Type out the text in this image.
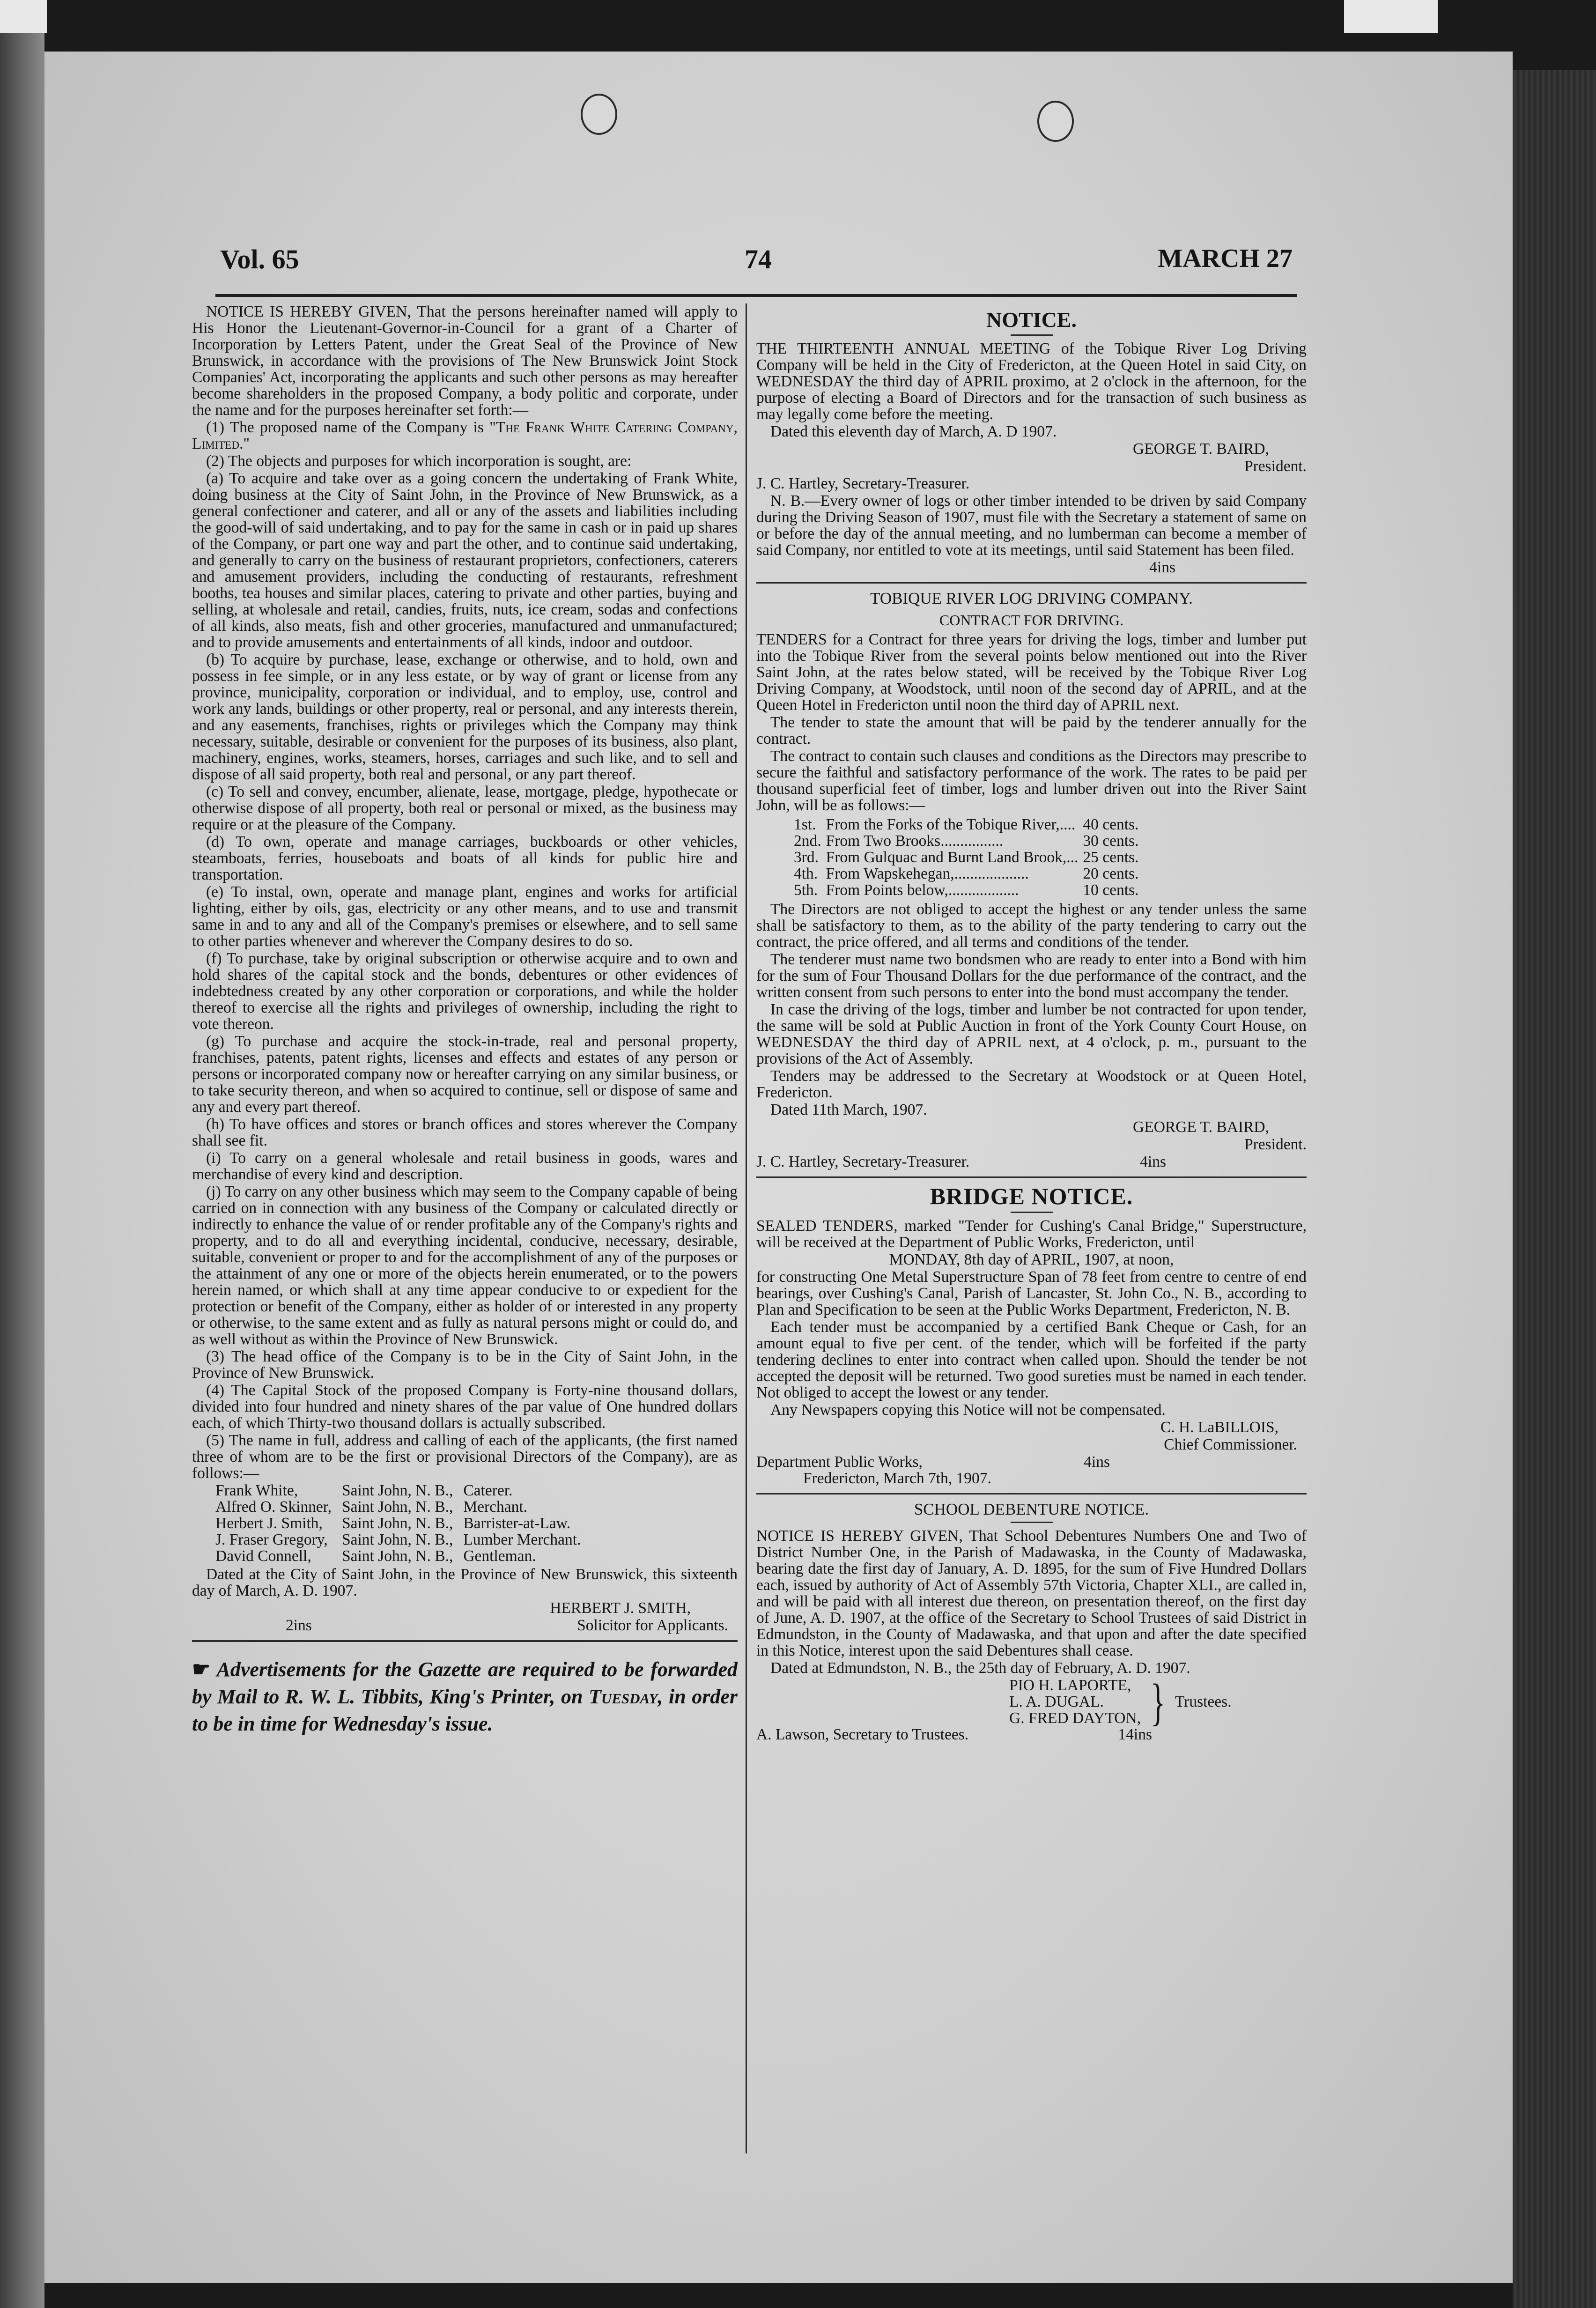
Vol. 65	74	MARCH 27

NOTICE IS HEREBY GIVEN, That the persons hereinafter named will apply to His Honor the Lieutenant-Governor-in-Council for a grant of a Charter of Incorporation by Letters Patent, under the Great Seal of the Province of New Brunswick, in accordance with the provisions of The New Brunswick Joint Stock Companies' Act, incorporating the applicants and such other persons as may hereafter become shareholders in the proposed Company, a body politic and corporate, under the name and for the purposes hereinafter set forth:—

(1) The proposed name of the Company is "The Frank White Catering Company, Limited."

(2) The objects and purposes for which incorporation is sought, are:

(a) To acquire and take over as a going concern the undertaking of Frank White, doing business at the City of Saint John, in the Province of New Brunswick, as a general confectioner and caterer, and all or any of the assets and liabilities including the good-will of said undertaking, and to pay for the same in cash or in paid up shares of the Company, or part one way and part the other, and to continue said undertaking, and generally to carry on the business of restaurant proprietors, confectioners, caterers and amusement providers, including the conducting of restaurants, refreshment booths, tea houses and similar places, catering to private and other parties, buying and selling, at wholesale and retail, candies, fruits, nuts, ice cream, sodas and confections of all kinds, also meats, fish and other groceries, manufactured and unmanufactured; and to provide amusements and entertainments of all kinds, indoor and outdoor.

(b) To acquire by purchase, lease, exchange or otherwise, and to hold, own and possess in fee simple, or in any less estate, or by way of grant or license from any province, municipality, corporation or individual, and to employ, use, control and work any lands, buildings or other property, real or personal, and any interests therein, and any easements, franchises, rights or privileges which the Company may think necessary, suitable, desirable or convenient for the purposes of its business, also plant, machinery, engines, works, steamers, horses, carriages and such like, and to sell and dispose of all said property, both real and personal, or any part thereof.

(c) To sell and convey, encumber, alienate, lease, mortgage, pledge, hypothecate or otherwise dispose of all property, both real or personal or mixed, as the business may require or at the pleasure of the Company.

(d) To own, operate and manage carriages, buckboards or other vehicles, steamboats, ferries, houseboats and boats of all kinds for public hire and transportation.

(e) To instal, own, operate and manage plant, engines and works for artificial lighting, either by oils, gas, electricity or any other means, and to use and transmit same in and to any and all of the Company's premises or elsewhere, and to sell same to other parties whenever and wherever the Company desires to do so.

(f) To purchase, take by original subscription or otherwise acquire and to own and hold shares of the capital stock and the bonds, debentures or other evidences of indebtedness created by any other corporation or corporations, and while the holder thereof to exercise all the rights and privileges of ownership, including the right to vote thereon.

(g) To purchase and acquire the stock-in-trade, real and personal property, franchises, patents, patent rights, licenses and effects and estates of any person or persons or incorporated company now or hereafter carrying on any similar business, or to take security thereon, and when so acquired to continue, sell or dispose of same and any and every part thereof.

(h) To have offices and stores or branch offices and stores wherever the Company shall see fit.

(i) To carry on a general wholesale and retail business in goods, wares and merchandise of every kind and description.

(j) To carry on any other business which may seem to the Company capable of being carried on in connection with any business of the Company or calculated directly or indirectly to enhance the value of or render profitable any of the Company's rights and property, and to do all and everything incidental, conducive, necessary, desirable, suitable, convenient or proper to and for the accomplishment of any of the purposes or the attainment of any one or more of the objects herein enumerated, or to the powers herein named, or which shall at any time appear conducive to or expedient for the protection or benefit of the Company, either as holder of or interested in any property or otherwise, to the same extent and as fully as natural persons might or could do, and as well without as within the Province of New Brunswick.

(3) The head office of the Company is to be in the City of Saint John, in the Province of New Brunswick.

(4) The Capital Stock of the proposed Company is Forty-nine thousand dollars, divided into four hundred and ninety shares of the par value of One hundred dollars each, of which Thirty-two thousand dollars is actually subscribed.

(5) The name in full, address and calling of each of the applicants, (the first named three of whom are to be the first or provisional Directors of the Company), are as follows:—

Frank White,	Saint John, N. B.,	Caterer.
Alfred O. Skinner,	Saint John, N. B.,	Merchant.
Herbert J. Smith,	Saint John, N. B.,	Barrister-at-Law.
J. Fraser Gregory,	Saint John, N. B.,	Lumber Merchant.
David Connell,	Saint John, N. B.,	Gentleman.

Dated at the City of Saint John, in the Province of New Brunswick, this sixteenth day of March, A. D. 1907.

HERBERT J. SMITH,

2ins	Solicitor for Applicants.
☛ Advertisements for the Gazette are required to be forwarded by Mail to R. W. L. Tibbits, King's Printer, on Tuesday, in order to be in time for Wednesday's issue.
NOTICE.

THE THIRTEENTH ANNUAL MEETING of the Tobique River Log Driving Company will be held in the City of Fredericton, at the Queen Hotel in said City, on WEDNESDAY the third day of APRIL proximo, at 2 o'clock in the afternoon, for the purpose of electing a Board of Directors and for the transaction of such business as may legally come before the meeting.

Dated this eleventh day of March, A. D 1907.

GEORGE T. BAIRD,

President.

J. C. Hartley, Secretary-Treasurer.

N. B.—Every owner of logs or other timber intended to be driven by said Company during the Driving Season of 1907, must file with the Secretary a statement of same on or before the day of the annual meeting, and no lumberman can become a member of said Company, nor entitled to vote at its meetings, until said Statement has been filed.

4ins

TOBIQUE RIVER LOG DRIVING COMPANY.

CONTRACT FOR DRIVING.

TENDERS for a Contract for three years for driving the logs, timber and lumber put into the Tobique River from the several points below mentioned out into the River Saint John, at the rates below stated, will be received by the Tobique River Log Driving Company, at Woodstock, until noon of the second day of APRIL, and at the Queen Hotel in Fredericton until noon the third day of APRIL next.

The tender to state the amount that will be paid by the tenderer annually for the contract.

The contract to contain such clauses and conditions as the Directors may prescribe to secure the faithful and satisfactory performance of the work. The rates to be paid per thousand superficial feet of timber, logs and lumber driven out into the River Saint John, will be as follows:—

1st.	From the Forks of the Tobique River,....	40 cents.
2nd.	From Two Brooks................	30 cents.
3rd.	From Gulquac and Burnt Land Brook,...	25 cents.
4th.	From Wapskehegan,...................	20 cents.
5th.	From Points below,..................	10 cents.

The Directors are not obliged to accept the highest or any tender unless the same shall be satisfactory to them, as to the ability of the party tendering to carry out the contract, the price offered, and all terms and conditions of the tender.

The tenderer must name two bondsmen who are ready to enter into a Bond with him for the sum of Four Thousand Dollars for the due performance of the contract, and the written consent from such persons to enter into the bond must accompany the tender.

In case the driving of the logs, timber and lumber be not contracted for upon tender, the same will be sold at Public Auction in front of the York County Court House, on WEDNESDAY the third day of APRIL next, at 4 o'clock, p. m., pursuant to the provisions of the Act of Assembly.

Tenders may be addressed to the Secretary at Woodstock or at Queen Hotel, Fredericton.

Dated 11th March, 1907.

GEORGE T. BAIRD,

President.

J. C. Hartley, Secretary-Treasurer.	4ins
BRIDGE NOTICE.

SEALED TENDERS, marked "Tender for Cushing's Canal Bridge," Superstructure, will be received at the Department of Public Works, Fredericton, until

MONDAY, 8th day of APRIL, 1907, at noon,

for constructing One Metal Superstructure Span of 78 feet from centre to centre of end bearings, over Cushing's Canal, Parish of Lancaster, St. John Co., N. B., according to Plan and Specification to be seen at the Public Works Department, Fredericton, N. B.

Each tender must be accompanied by a certified Bank Cheque or Cash, for an amount equal to five per cent. of the tender, which will be forfeited if the party tendering declines to enter into contract when called upon. Should the tender be not accepted the deposit will be returned. Two good sureties must be named in each tender. Not obliged to accept the lowest or any tender.

Any Newspapers copying this Notice will not be compensated.

C. H. LaBILLOIS,

Chief Commissioner.

Department Public Works,	4ins

Fredericton, March 7th, 1907.

SCHOOL DEBENTURE NOTICE.

NOTICE IS HEREBY GIVEN, That School Debentures Numbers One and Two of District Number One, in the Parish of Madawaska, in the County of Madawaska, bearing date the first day of January, A. D. 1895, for the sum of Five Hundred Dollars each, issued by authority of Act of Assembly 57th Victoria, Chapter XLI., are called in, and will be paid with all interest due thereon, on presentation thereof, on the first day of June, A. D. 1907, at the office of the Secretary to School Trustees of said District in Edmundston, in the County of Madawaska, and that upon and after the date specified in this Notice, interest upon the said Debentures shall cease.

Dated at Edmundston, N. B., the 25th day of February, A. D. 1907.

PIO H. LAPORTE,
L. A. DUGAL.
G. FRED DAYTON, } Trustees.
A. Lawson, Secretary to Trustees.	14ins
